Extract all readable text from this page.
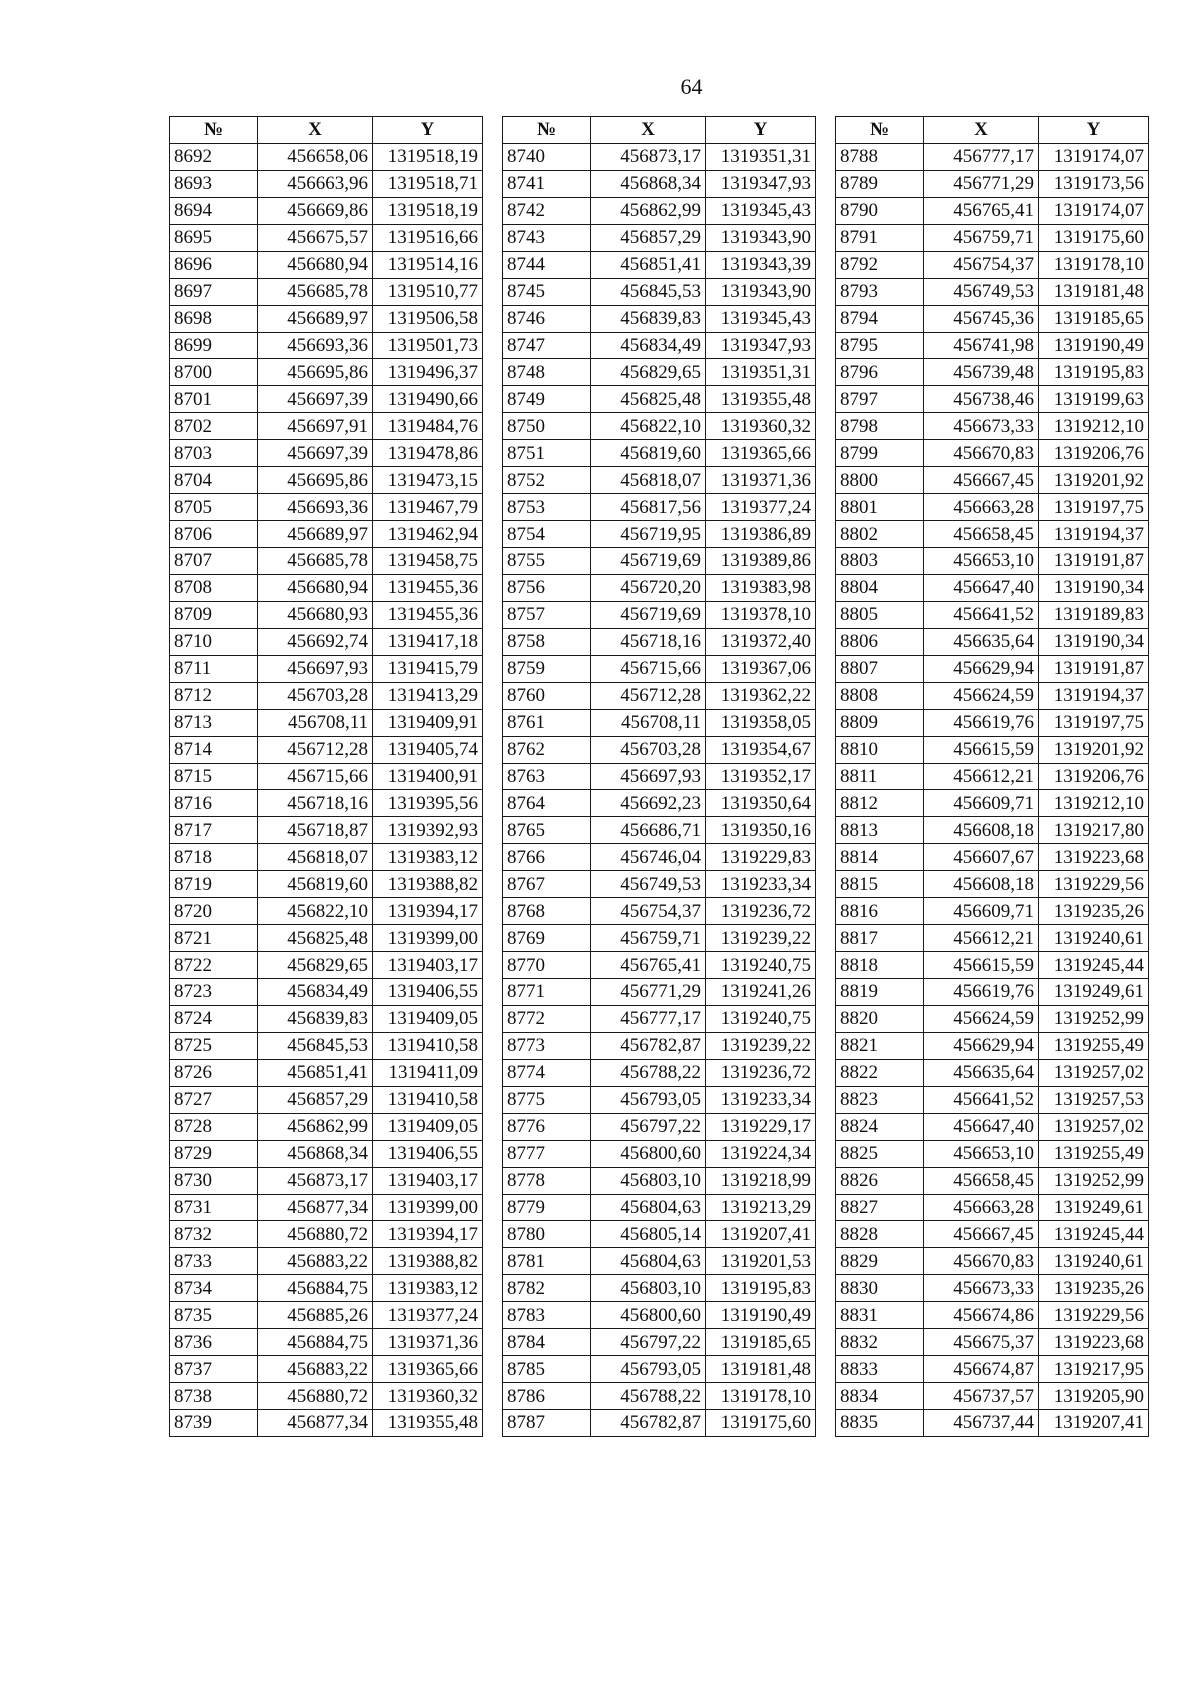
64
№	X	Y
8692	456658,06	1319518,19
8693	456663,96	1319518,71
8694	456669,86	1319518,19
8695	456675,57	1319516,66
8696	456680,94	1319514,16
8697	456685,78	1319510,77
8698	456689,97	1319506,58
8699	456693,36	1319501,73
8700	456695,86	1319496,37
8701	456697,39	1319490,66
8702	456697,91	1319484,76
8703	456697,39	1319478,86
8704	456695,86	1319473,15
8705	456693,36	1319467,79
8706	456689,97	1319462,94
8707	456685,78	1319458,75
8708	456680,94	1319455,36
8709	456680,93	1319455,36
8710	456692,74	1319417,18
8711	456697,93	1319415,79
8712	456703,28	1319413,29
8713	456708,11	1319409,91
8714	456712,28	1319405,74
8715	456715,66	1319400,91
8716	456718,16	1319395,56
8717	456718,87	1319392,93
8718	456818,07	1319383,12
8719	456819,60	1319388,82
8720	456822,10	1319394,17
8721	456825,48	1319399,00
8722	456829,65	1319403,17
8723	456834,49	1319406,55
8724	456839,83	1319409,05
8725	456845,53	1319410,58
8726	456851,41	1319411,09
8727	456857,29	1319410,58
8728	456862,99	1319409,05
8729	456868,34	1319406,55
8730	456873,17	1319403,17
8731	456877,34	1319399,00
8732	456880,72	1319394,17
8733	456883,22	1319388,82
8734	456884,75	1319383,12
8735	456885,26	1319377,24
8736	456884,75	1319371,36
8737	456883,22	1319365,66
8738	456880,72	1319360,32
8739	456877,34	1319355,48
№	X	Y
8740	456873,17	1319351,31
8741	456868,34	1319347,93
8742	456862,99	1319345,43
8743	456857,29	1319343,90
8744	456851,41	1319343,39
8745	456845,53	1319343,90
8746	456839,83	1319345,43
8747	456834,49	1319347,93
8748	456829,65	1319351,31
8749	456825,48	1319355,48
8750	456822,10	1319360,32
8751	456819,60	1319365,66
8752	456818,07	1319371,36
8753	456817,56	1319377,24
8754	456719,95	1319386,89
8755	456719,69	1319389,86
8756	456720,20	1319383,98
8757	456719,69	1319378,10
8758	456718,16	1319372,40
8759	456715,66	1319367,06
8760	456712,28	1319362,22
8761	456708,11	1319358,05
8762	456703,28	1319354,67
8763	456697,93	1319352,17
8764	456692,23	1319350,64
8765	456686,71	1319350,16
8766	456746,04	1319229,83
8767	456749,53	1319233,34
8768	456754,37	1319236,72
8769	456759,71	1319239,22
8770	456765,41	1319240,75
8771	456771,29	1319241,26
8772	456777,17	1319240,75
8773	456782,87	1319239,22
8774	456788,22	1319236,72
8775	456793,05	1319233,34
8776	456797,22	1319229,17
8777	456800,60	1319224,34
8778	456803,10	1319218,99
8779	456804,63	1319213,29
8780	456805,14	1319207,41
8781	456804,63	1319201,53
8782	456803,10	1319195,83
8783	456800,60	1319190,49
8784	456797,22	1319185,65
8785	456793,05	1319181,48
8786	456788,22	1319178,10
8787	456782,87	1319175,60
№	X	Y
8788	456777,17	1319174,07
8789	456771,29	1319173,56
8790	456765,41	1319174,07
8791	456759,71	1319175,60
8792	456754,37	1319178,10
8793	456749,53	1319181,48
8794	456745,36	1319185,65
8795	456741,98	1319190,49
8796	456739,48	1319195,83
8797	456738,46	1319199,63
8798	456673,33	1319212,10
8799	456670,83	1319206,76
8800	456667,45	1319201,92
8801	456663,28	1319197,75
8802	456658,45	1319194,37
8803	456653,10	1319191,87
8804	456647,40	1319190,34
8805	456641,52	1319189,83
8806	456635,64	1319190,34
8807	456629,94	1319191,87
8808	456624,59	1319194,37
8809	456619,76	1319197,75
8810	456615,59	1319201,92
8811	456612,21	1319206,76
8812	456609,71	1319212,10
8813	456608,18	1319217,80
8814	456607,67	1319223,68
8815	456608,18	1319229,56
8816	456609,71	1319235,26
8817	456612,21	1319240,61
8818	456615,59	1319245,44
8819	456619,76	1319249,61
8820	456624,59	1319252,99
8821	456629,94	1319255,49
8822	456635,64	1319257,02
8823	456641,52	1319257,53
8824	456647,40	1319257,02
8825	456653,10	1319255,49
8826	456658,45	1319252,99
8827	456663,28	1319249,61
8828	456667,45	1319245,44
8829	456670,83	1319240,61
8830	456673,33	1319235,26
8831	456674,86	1319229,56
8832	456675,37	1319223,68
8833	456674,87	1319217,95
8834	456737,57	1319205,90
8835	456737,44	1319207,41
